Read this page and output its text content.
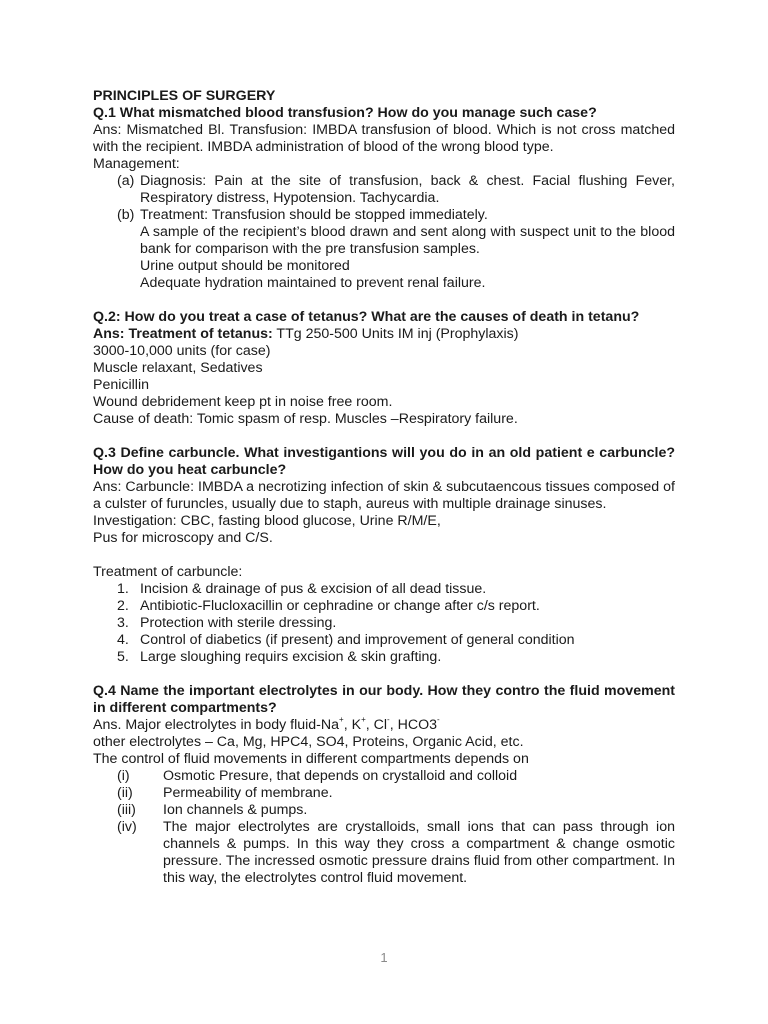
PRINCIPLES OF SURGERY
Q.1 What mismatched blood transfusion? How do you manage such case?
Ans: Mismatched Bl. Transfusion: IMBDA transfusion of blood. Which is not cross matched with the recipient. IMBDA administration of blood of the wrong blood type.
Management:
(a) Diagnosis: Pain at the site of transfusion, back & chest. Facial flushing Fever, Respiratory distress, Hypotension. Tachycardia.
(b) Treatment: Transfusion should be stopped immediately.
A sample of the recipient’s blood drawn and sent along with suspect unit to the blood bank for comparison with the pre transfusion samples.
Urine output should be monitored
Adequate hydration maintained to prevent renal failure.
Q.2: How do you treat a case of tetanus? What are the causes of death in tetanu?
Ans: Treatment of tetanus: TTg 250-500 Units IM inj (Prophylaxis)
3000-10,000 units (for case)
Muscle relaxant, Sedatives
Penicillin
Wound debridement keep pt in noise free room.
Cause of death: Tomic spasm of resp. Muscles –Respiratory failure.
Q.3 Define carbuncle. What investigantions will you do in an old patient e carbuncle? How do you heat carbuncle?
Ans: Carbuncle: IMBDA a necrotizing infection of skin & subcutaencous tissues composed of a culster of furuncles, usually due to staph, aureus with multiple drainage sinuses.
Investigation: CBC, fasting blood glucose, Urine R/M/E,
Pus for microscopy and C/S.
Treatment of carbuncle:
1. Incision & drainage of pus & excision of all dead tissue.
2. Antibiotic-Flucloxacillin or cephradine or change after c/s report.
3. Protection with sterile dressing.
4. Control of diabetics (if present) and improvement of general condition
5. Large sloughing requirs excision & skin grafting.
Q.4 Name the important electrolytes in our body. How they contro the fluid movement in different compartments?
Ans. Major electrolytes in body fluid-Na+, K+, Cl-, HCO3-
other electrolytes – Ca, Mg, HPC4, SO4, Proteins, Organic Acid, etc.
The control of fluid movements in different compartments depends on
(i) Osmotic Presure, that depends on crystalloid and colloid
(ii) Permeability of membrane.
(iii) Ion channels & pumps.
(iv) The major electrolytes are crystalloids, small ions that can pass through ion channels & pumps. In this way they cross a compartment & change osmotic pressure. The incressed osmotic pressure drains fluid from other compartment. In this way, the electrolytes control fluid movement.
1
